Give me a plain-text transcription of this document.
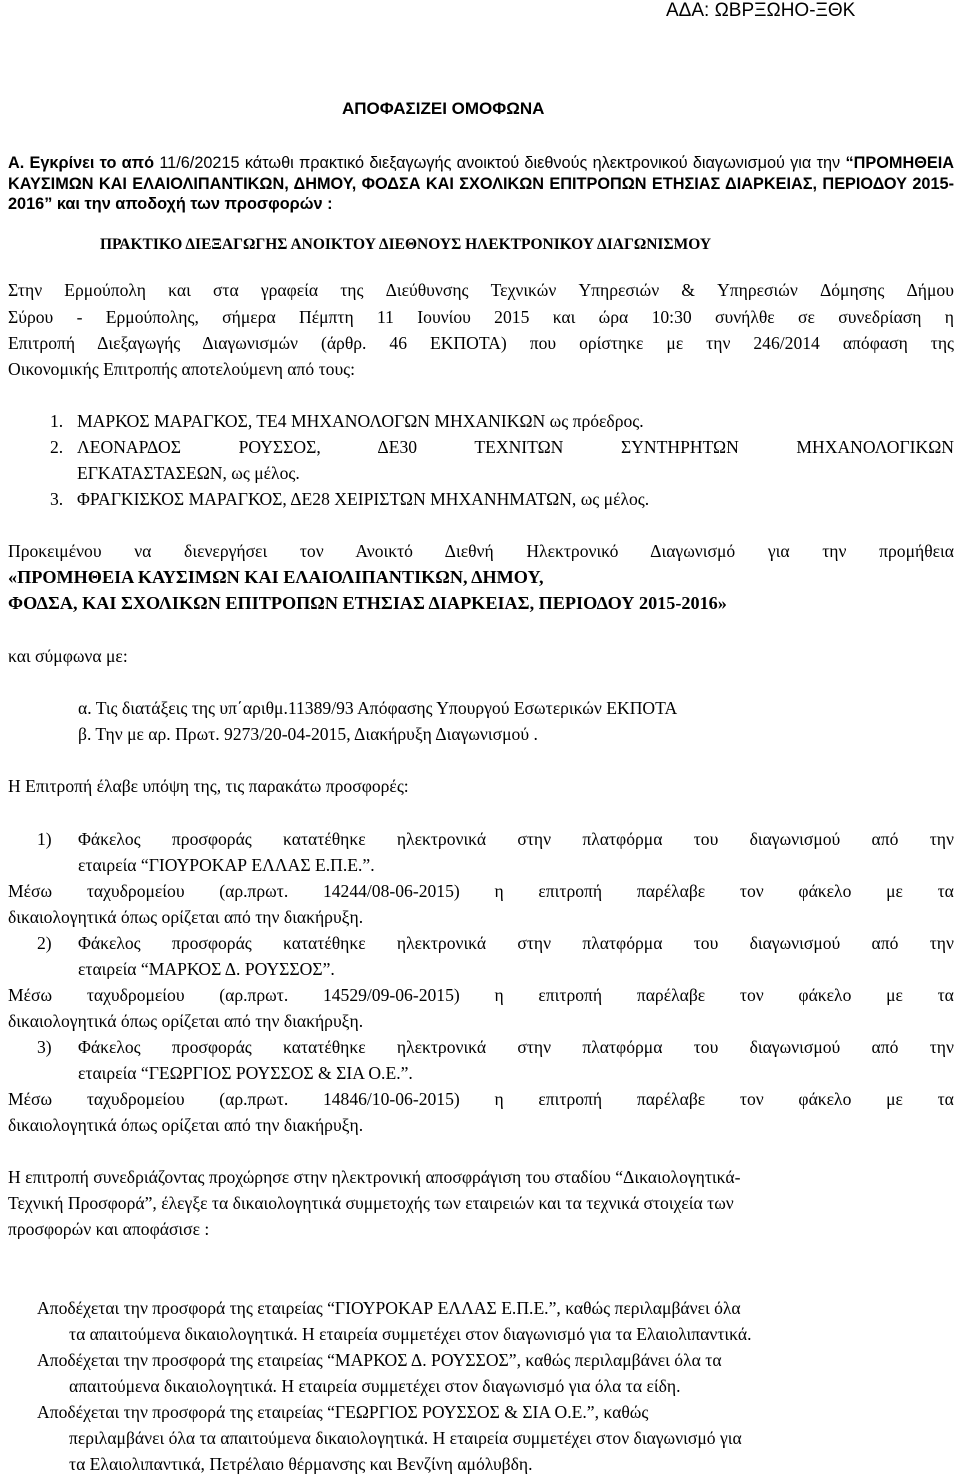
ΑΔΑ: ΩΒΡΞΩΗΟ-ΞΘΚ
ΑΠΟΦΑΣΙΖΕΙ ΟΜΟΦΩΝΑ
Α. Εγκρίνει το από 11/6/20215 κάτωθι πρακτικό διεξαγωγής ανοικτού διεθνούς ηλεκτρονικού διαγωνισμού για την “ΠΡΟΜΗΘΕΙΑ ΚΑΥΣΙΜΩΝ ΚΑΙ ΕΛΑΙΟΛΙΠΑΝΤΙΚΩΝ, ΔΗΜΟΥ, ΦΟΔΣΑ ΚΑΙ ΣΧΟΛΙΚΩΝ ΕΠΙΤΡΟΠΩΝ ΕΤΗΣΙΑΣ ΔΙΑΡΚΕΙΑΣ, ΠΕΡΙΟΔΟΥ 2015-2016” και την αποδοχή των προσφορών :
ΠΡΑΚΤΙΚΟ ΔΙΕΞΑΓΩΓΗΣ ΑΝΟΙΚΤΟΥ ΔΙΕΘΝΟΥΣ ΗΛΕΚΤΡΟΝΙΚΟΥ ΔΙΑΓΩΝΙΣΜΟΥ
Στην Ερμούπολη και στα γραφεία της Διεύθυνσης Τεχνικών Υπηρεσιών & Υπηρεσιών Δόμησης Δήμου
Σύρου - Ερμούπολης, σήμερα Πέμπτη 11 Ιουνίου 2015 και ώρα 10:30 συνήλθε σε συνεδρίαση η
Επιτροπή Διεξαγωγής Διαγωνισμών (άρθρ. 46 ΕΚΠΟΤΑ) που ορίστηκε με την 246/2014 απόφαση της
Οικονομικής Επιτροπής αποτελούμενη από τους:
1. ΜΑΡΚΟΣ ΜΑΡΑΓΚΟΣ, ΤΕ4 ΜΗΧΑΝΟΛΟΓΩΝ ΜΗΧΑΝΙΚΩΝ ως πρόεδρος.
2. ΛΕΟΝΑΡΔΟΣ ΡΟΥΣΣΟΣ, ΔΕ30 ΤΕΧΝΙΤΩΝ ΣΥΝΤΗΡΗΤΩΝ ΜΗΧΑΝΟΛΟΓΙΚΩΝ
ΕΓΚΑΤΑΣΤΑΣΕΩΝ, ως μέλος.
3. ΦΡΑΓΚΙΣΚΟΣ ΜΑΡΑΓΚΟΣ, ΔΕ28 ΧΕΙΡΙΣΤΩΝ ΜΗΧΑΝΗΜΑΤΩΝ, ως μέλος.
Προκειμένου να διενεργήσει τον Ανοικτό Διεθνή Ηλεκτρονικό Διαγωνισμό για την προμήθεια
«ΠΡΟΜΗΘΕΙΑ ΚΑΥΣΙΜΩΝ ΚΑΙ ΕΛΑΙΟΛΙΠΑΝΤΙΚΩΝ, ΔΗΜΟΥ,
ΦΟΔΣΑ, ΚΑΙ ΣΧΟΛΙΚΩΝ ΕΠΙΤΡΟΠΩΝ ΕΤΗΣΙΑΣ ΔΙΑΡΚΕΙΑΣ, ΠΕΡΙΟΔΟΥ 2015-2016»
και σύμφωνα με:
α. Τις διατάξεις της υπ΄αριθμ.11389/93 Απόφασης Υπουργού Εσωτερικών ΕΚΠΟΤΑ
β. Την με αρ. Πρωτ. 9273/20-04-2015, Διακήρυξη Διαγωνισμού .
Η Επιτροπή έλαβε υπόψη της, τις παρακάτω προσφορές:
1) Φάκελος προσφοράς κατατέθηκε ηλεκτρονικά στην πλατφόρμα του διαγωνισμού από την
εταιρεία “ΓΙΟΥΡΟΚΑΡ ΕΛΛΑΣ Ε.Π.Ε.”.
Μέσω ταχυδρομείου (αρ.πρωτ. 14244/08-06-2015) η επιτροπή παρέλαβε τον φάκελο με τα
δικαιολογητικά όπως ορίζεται από την διακήρυξη.
2) Φάκελος προσφοράς κατατέθηκε ηλεκτρονικά στην πλατφόρμα του διαγωνισμού από την
εταιρεία “ΜΑΡΚΟΣ Δ. ΡΟΥΣΣΟΣ”.
Μέσω ταχυδρομείου (αρ.πρωτ. 14529/09-06-2015) η επιτροπή παρέλαβε τον φάκελο με τα
δικαιολογητικά όπως ορίζεται από την διακήρυξη.
3) Φάκελος προσφοράς κατατέθηκε ηλεκτρονικά στην πλατφόρμα του διαγωνισμού από την
εταιρεία “ΓΕΩΡΓΙΟΣ ΡΟΥΣΣΟΣ & ΣΙΑ Ο.Ε.”.
Μέσω ταχυδρομείου (αρ.πρωτ. 14846/10-06-2015) η επιτροπή παρέλαβε τον φάκελο με τα
δικαιολογητικά όπως ορίζεται από την διακήρυξη.
Η επιτροπή συνεδριάζοντας προχώρησε στην ηλεκτρονική αποσφράγιση του σταδίου “Δικαιολογητικά-
Τεχνική Προσφορά”, έλεγξε τα δικαιολογητικά συμμετοχής των εταιρειών και τα τεχνικά στοιχεία των
προσφορών και αποφάσισε :
Αποδέχεται την προσφορά της εταιρείας “ΓΙΟΥΡΟΚΑΡ ΕΛΛΑΣ Ε.Π.Ε.”, καθώς περιλαμβάνει όλα
τα απαιτούμενα δικαιολογητικά. Η εταιρεία συμμετέχει στον διαγωνισμό για τα Ελαιολιπαντικά.
Αποδέχεται την προσφορά της εταιρείας “ΜΑΡΚΟΣ Δ. ΡΟΥΣΣΟΣ”, καθώς περιλαμβάνει όλα τα
απαιτούμενα δικαιολογητικά. Η εταιρεία συμμετέχει στον διαγωνισμό για όλα τα είδη.
Αποδέχεται την προσφορά της εταιρείας “ΓΕΩΡΓΙΟΣ ΡΟΥΣΣΟΣ & ΣΙΑ Ο.Ε.”, καθώς
περιλαμβάνει όλα τα απαιτούμενα δικαιολογητικά. Η εταιρεία συμμετέχει στον διαγωνισμό για
τα Ελαιολιπαντικά, Πετρέλαιο θέρμανσης και Βενζίνη αμόλυβδη.
